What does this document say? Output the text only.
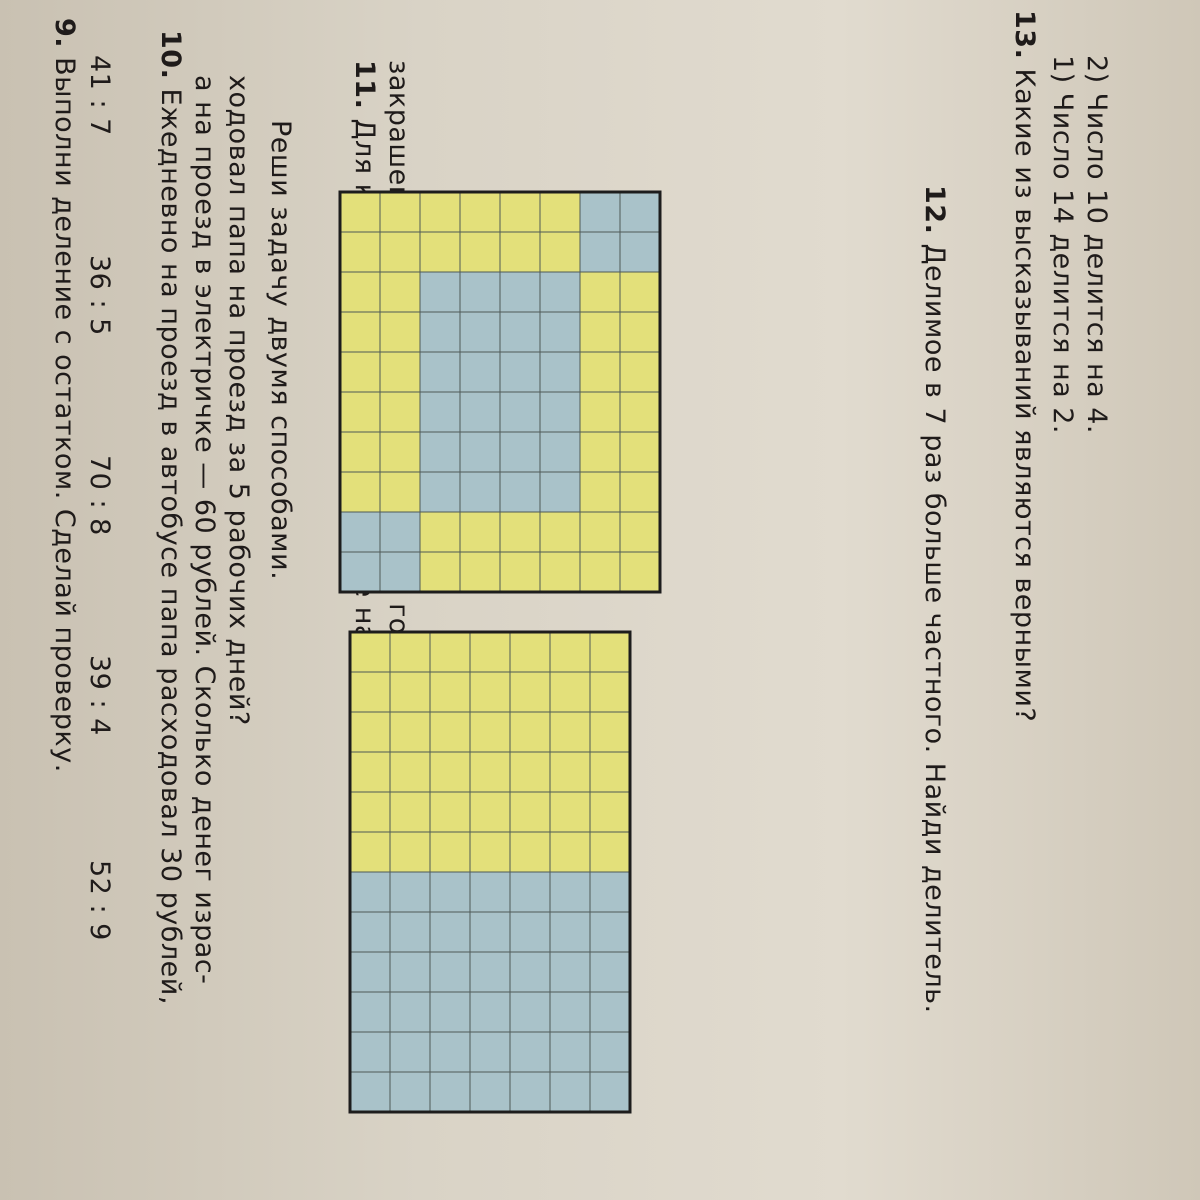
9. Выполни деление с остатком. Сделай проверку. 41 : 7
36 : 5
70 : 8
39 : 4
52 : 9
10. Ежедневно на проезд в автобусе папа расходовал 30 рублей, а на проезд в электричке — 60 рублей. Сколько денег израс- ходовал папа на проезд за 5 рабочих дней? Реши задачу двумя способами.
11.
12. Делимое в 7 раз больше частного. Найди делитель.
13. Какие из высказываний являются верными? 1) Число 14 делится на 2. 2) Число 10 делится на 4.
